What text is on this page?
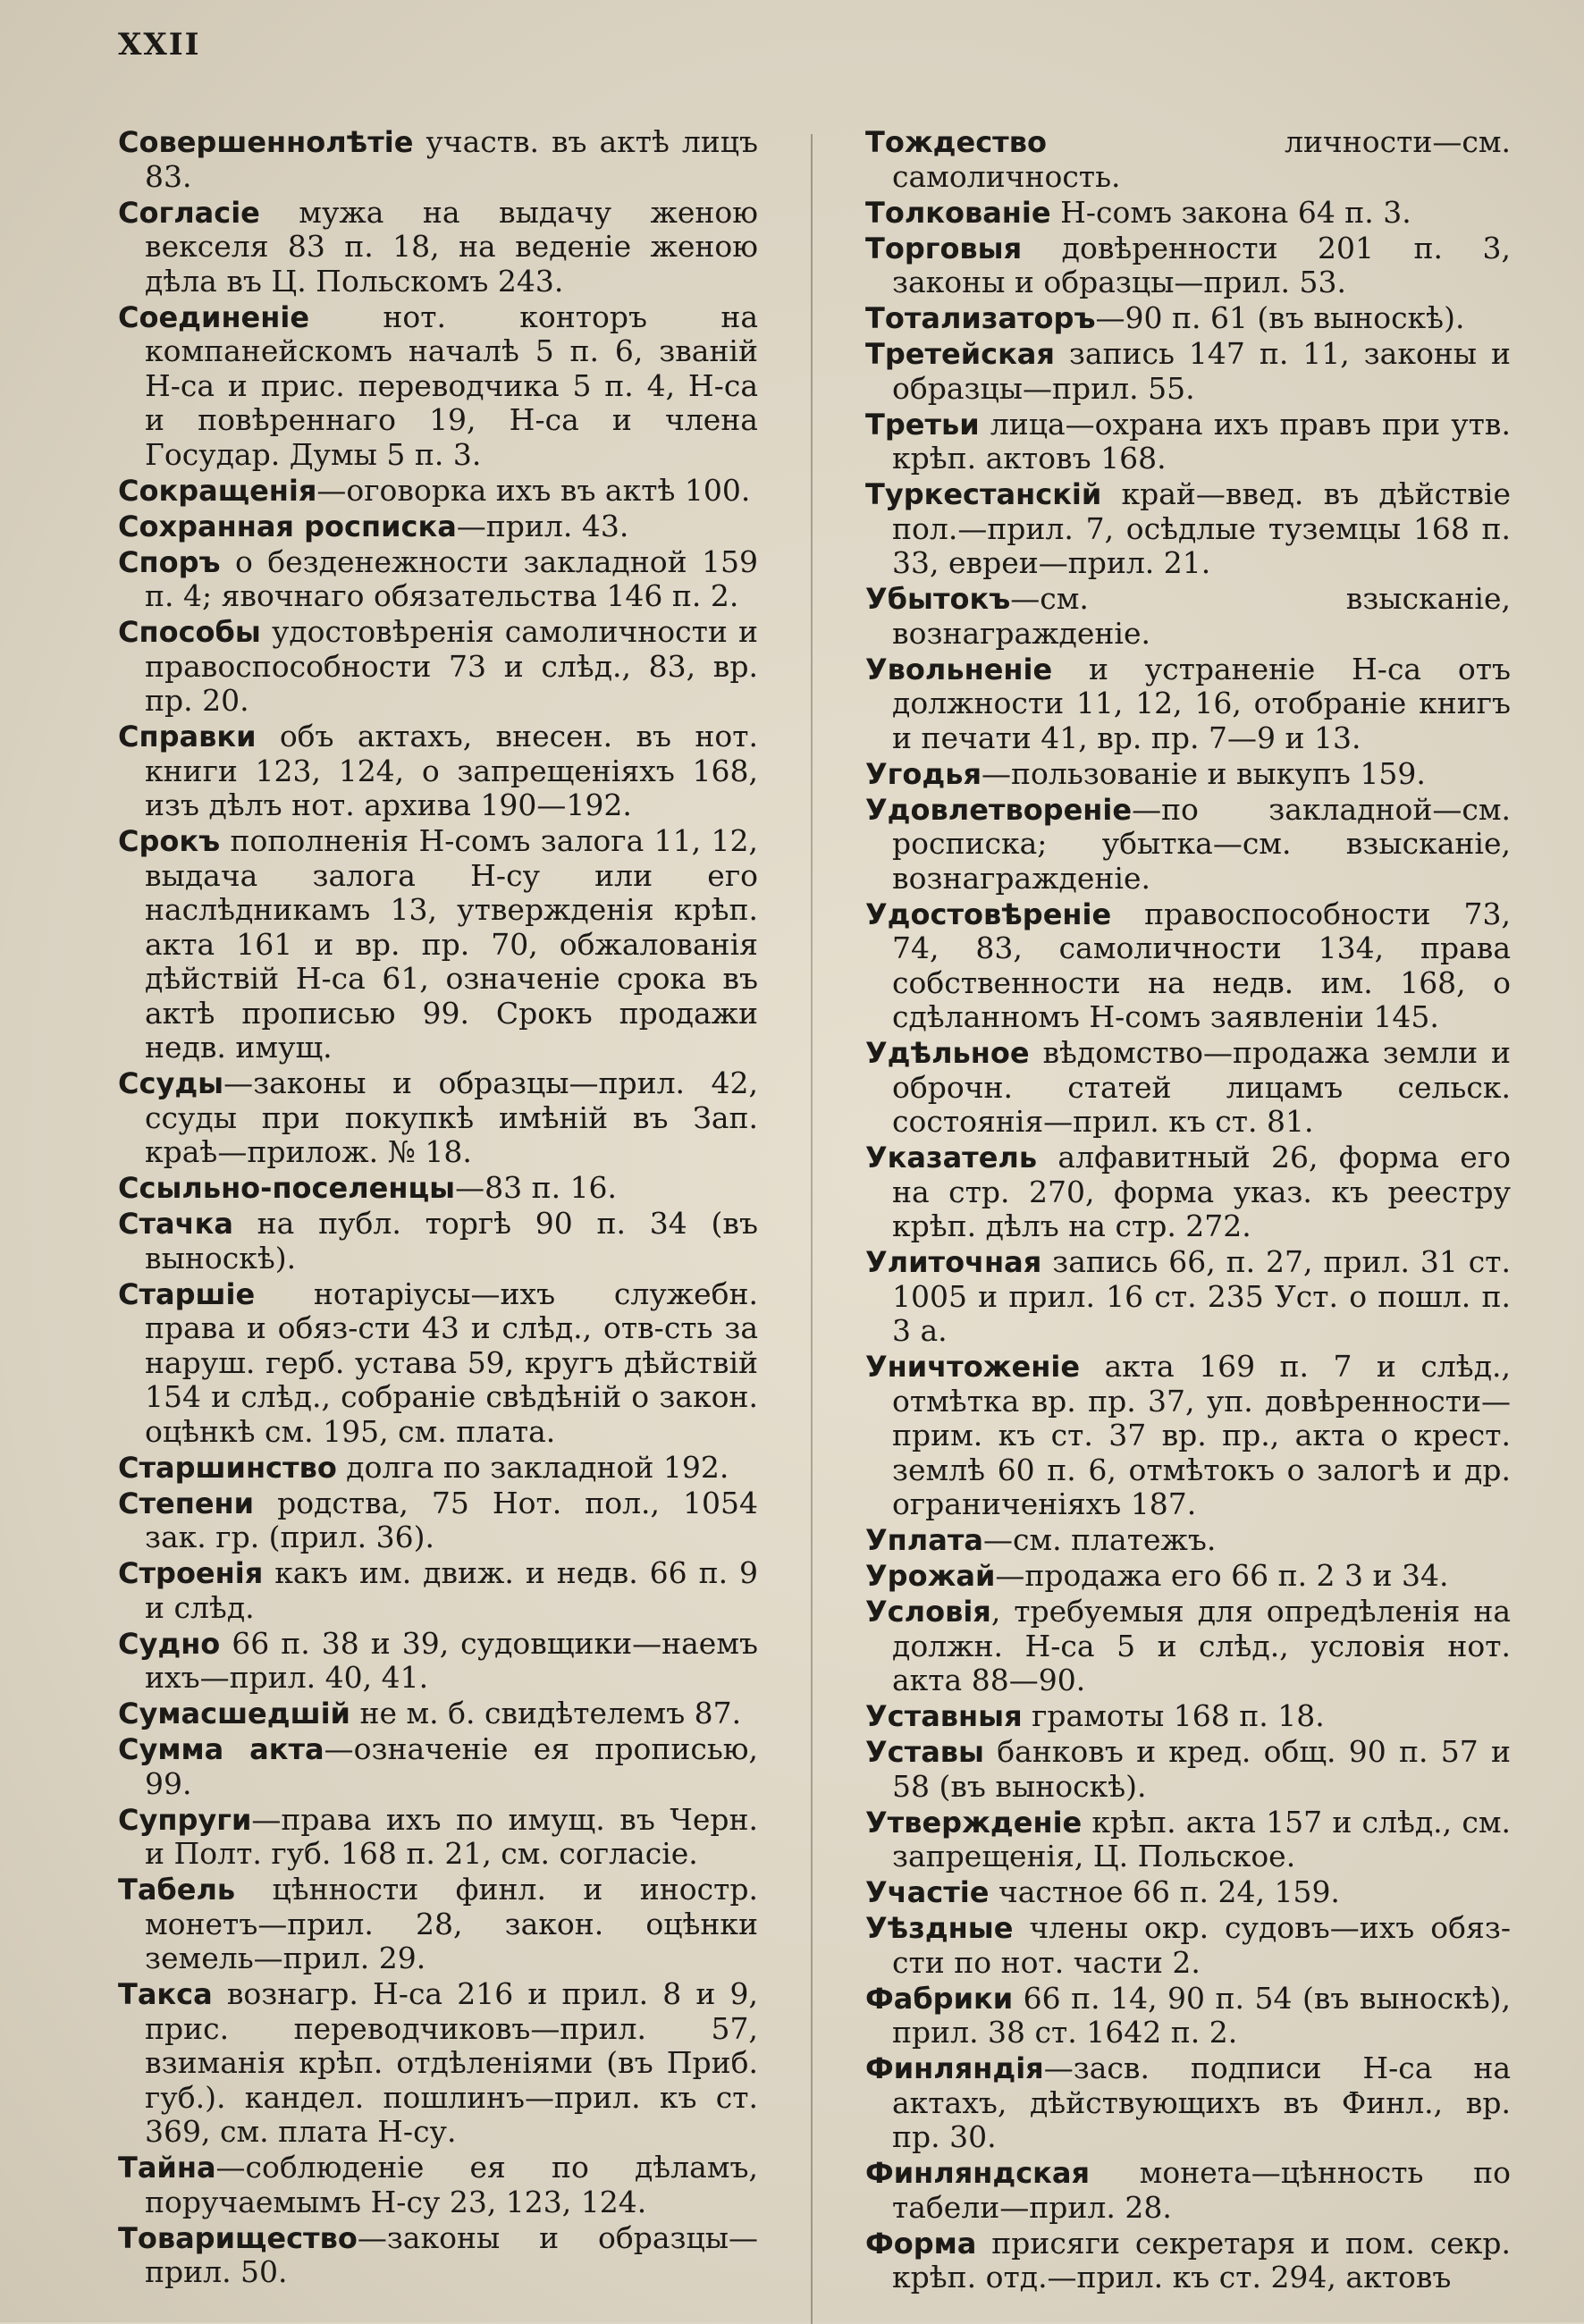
XXII

Совершеннолѣтіе участв. въ актѣ лицъ 83.

Согласіе мужа на выдачу женою векселя 83 п. 18, на веденіе женою дѣла въ Ц. Польскомъ 243.

Соединеніе нот. конторъ на компанейскомъ началѣ 5 п. 6, званій Н-са и прис. переводчика 5 п. 4, Н-са и повѣреннаго 19, Н-са и члена Государ. Думы 5 п. 3.

Сокращенія—оговорка ихъ въ актѣ 100.

Сохранная росписка—прил. 43.

Споръ о безденежности закладной 159 п. 4; явочнаго обязательства 146 п. 2.

Способы удостовѣренія самоличности и правоспособности 73 и слѣд., 83, вр. пр. 20.

Справки объ актахъ, внесен. въ нот. книги 123, 124, о запрещеніяхъ 168, изъ дѣлъ нот. архива 190—192.

Срокъ пополненія Н-сомъ залога 11, 12, выдача залога Н-су или его наслѣдникамъ 13, утвержденія крѣп. акта 161 и вр. пр. 70, обжалованія дѣйствій Н-са 61, означеніе срока въ актѣ прописью 99. Срокъ продажи недв. имущ.

Ссуды—законы и образцы—прил. 42, ссуды при покупкѣ имѣній въ Зап. краѣ—прилож. № 18.

Ссыльно-поселенцы—83 п. 16.

Стачка на публ. торгѣ 90 п. 34 (въ выноскѣ).

Старшіе нотаріусы—ихъ служебн. права и обяз-сти 43 и слѣд., отв-сть за наруш. герб. устава 59, кругъ дѣйствій 154 и слѣд., собраніе свѣдѣній о закон. оцѣнкѣ см. 195, см. плата.

Старшинство долга по закладной 192.

Степени родства, 75 Нот. пол., 1054 зак. гр. (прил. 36).

Строенія какъ им. движ. и недв. 66 п. 9 и слѣд.

Судно 66 п. 38 и 39, судовщики—наемъ ихъ—прил. 40, 41.

Сумасшедшій не м. б. свидѣтелемъ 87.

Сумма акта—означеніе ея прописью, 99.

Супруги—права ихъ по имущ. въ Черн. и Полт. губ. 168 п. 21, см. согласіе.

Табель цѣнности финл. и иностр. монетъ—прил. 28, закон. оцѣнки земель—прил. 29.

Такса вознагр. Н-са 216 и прил. 8 и 9, прис. переводчиковъ—прил. 57, взиманія крѣп. отдѣленіями (въ Приб. губ.). кандел. пошлинъ—прил. къ ст. 369, см. плата Н-су.

Тайна—соблюденіе ея по дѣламъ, поручаемымъ Н-су 23, 123, 124.

Товарищество—законы и образцы—прил. 50.

Тождество личности—см. самоличность.

Толкованіе Н-сомъ закона 64 п. 3.

Торговыя довѣренности 201 п. 3, законы и образцы—прил. 53.

Тотализаторъ—90 п. 61 (въ выноскѣ).

Третейская запись 147 п. 11, законы и образцы—прил. 55.

Третьи лица—охрана ихъ правъ при утв. крѣп. актовъ 168.

Туркестанскій край—введ. въ дѣйствіе пол.—прил. 7, осѣдлые туземцы 168 п. 33, евреи—прил. 21.

Убытокъ—см. взысканіе, вознагражденіе.

Увольненіе и устраненіе Н-са отъ должности 11, 12, 16, отобраніе книгъ и печати 41, вр. пр. 7—9 и 13.

Угодья—пользованіе и выкупъ 159.

Удовлетвореніе—по закладной—см. росписка; убытка—см. взысканіе, вознагражденіе.

Удостовѣреніе правоспособности 73, 74, 83, самоличности 134, права собственности на недв. им. 168, о сдѣланномъ Н-сомъ заявленіи 145.

Удѣльное вѣдомство—продажа земли и оброчн. статей лицамъ сельск. состоянія—прил. къ ст. 81.

Указатель алфавитный 26, форма его на стр. 270, форма указ. къ реестру крѣп. дѣлъ на стр. 272.

Улиточная запись 66, п. 27, прил. 31 ст. 1005 и прил. 16 ст. 235 Уст. о пошл. п. 3 а.

Уничтоженіе акта 169 п. 7 и слѣд., отмѣтка вр. пр. 37, уп. довѣренности—прим. къ ст. 37 вр. пр., акта о крест. землѣ 60 п. 6, отмѣтокъ о залогѣ и др. ограниченіяхъ 187.

Уплата—см. платежъ.

Урожай—продажа его 66 п. 2 3 и 34.

Условія, требуемыя для опредѣленія на должн. Н-са 5 и слѣд., условія нот. акта 88—90.

Уставныя грамоты 168 п. 18.

Уставы банковъ и кред. общ. 90 п. 57 и 58 (въ выноскѣ).

Утвержденіе крѣп. акта 157 и слѣд., см. запрещенія, Ц. Польское.

Участіе частное 66 п. 24, 159.

Уѣздные члены окр. судовъ—ихъ обяз-сти по нот. части 2.

Фабрики 66 п. 14, 90 п. 54 (въ выноскѣ), прил. 38 ст. 1642 п. 2.

Финляндія—засв. подписи Н-са на актахъ, дѣйствующихъ въ Финл., вр. пр. 30.

Финляндская монета—цѣнность по табели—прил. 28.

Форма присяги секретаря и пом. секр. крѣп. отд.—прил. къ ст. 294, актовъ
